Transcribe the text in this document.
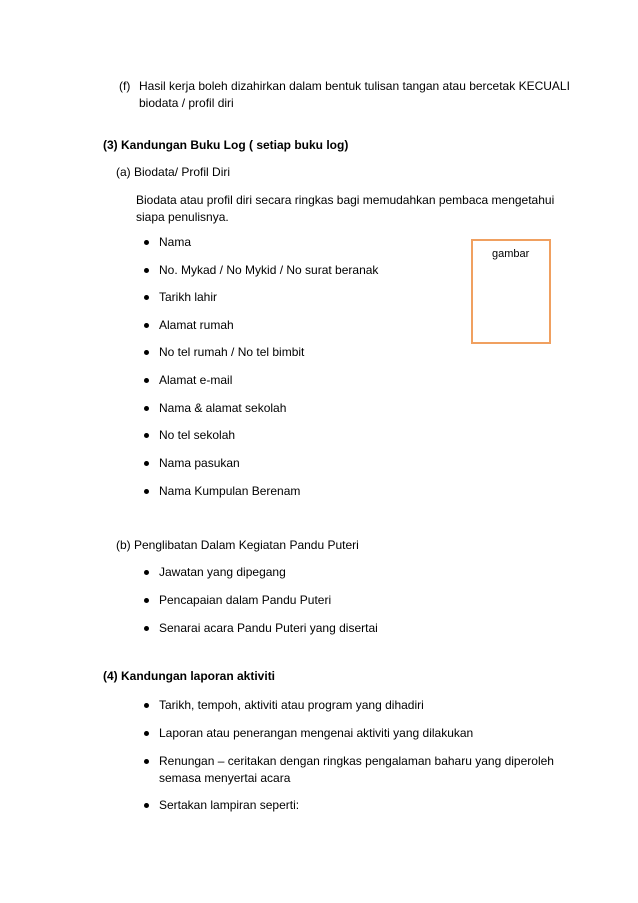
(f) Hasil kerja boleh dizahirkan dalam bentuk tulisan tangan atau bercetak KECUALI
biodata / profil diri
(3) Kandungan Buku Log ( setiap buku log)
(a) Biodata/ Profil Diri
Biodata atau profil diri secara ringkas bagi memudahkan pembaca mengetahui
siapa penulisnya.
Nama
No. Mykad / No Mykid / No surat beranak
Tarikh lahir
Alamat rumah
No tel rumah / No tel bimbit
Alamat e-mail
Nama & alamat sekolah
No tel sekolah
Nama pasukan
Nama Kumpulan Berenam
gambar
(b) Penglibatan Dalam Kegiatan Pandu Puteri
Jawatan yang dipegang
Pencapaian dalam Pandu Puteri
Senarai acara Pandu Puteri yang disertai
(4) Kandungan laporan aktiviti
Tarikh, tempoh, aktiviti atau program yang dihadiri
Laporan atau penerangan mengenai aktiviti yang dilakukan
Renungan – ceritakan dengan ringkas pengalaman baharu yang diperoleh
semasa menyertai acara
Sertakan lampiran seperti:
